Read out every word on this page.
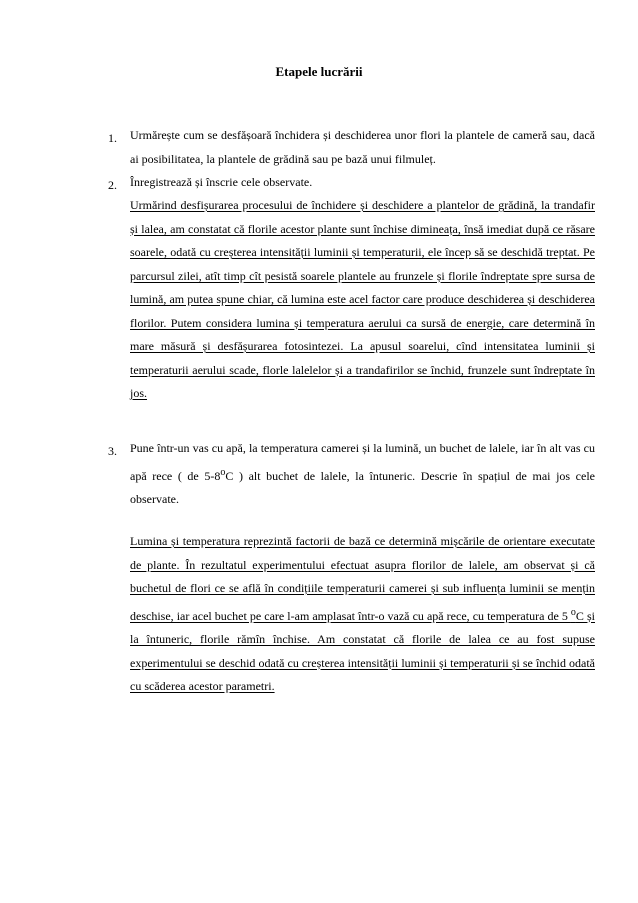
Etapele lucrării
1. Urmărește cum se desfășoară închidera și deschiderea unor flori la plantele de cameră sau, dacă ai posibilitatea, la plantele de grădină sau pe bază unui filmuleț.

2. Înregistrează și înscrie cele observate.

Urmărind desfișurarea procesului de închidere și deschidere a plantelor de grădină, la trandafir și lalea, am constatat că florile acestor plante sunt închise dimineața, însă imediat după ce răsare soarele, odată cu creșterea intensității luminii și temperaturii, ele încep să se deschidă treptat. Pe parcursul zilei, atît timp cît pesistă soarele plantele au frunzele și florile îndreptate spre sursa de lumină, am putea spune chiar, că lumina este acel factor care produce deschiderea și deschiderea florilor. Putem considera lumina și temperatura aerului ca sursă de energie, care determină în mare măsură și desfășurarea fotosintezei. La apusul soarelui, cînd intensitatea luminii și temperaturii aerului scade, florle lalelelor și a trandafirilor se închid, frunzele sunt îndreptate în jos.

3. Pune într-un vas cu apă, la temperatura camerei și la lumină, un buchet de lalele, iar în alt vas cu apă rece ( de 5-8$^o$C ) alt buchet de lalele, la întuneric. Descrie în spațiul de mai jos cele observate.

Lumina și temperatura reprezintă factorii de bază ce determină mișcările de orientare executate de plante. În rezultatul experimentului efectuat asupra florilor de lalele, am observat și că buchetul de flori ce se află în condițiile temperaturii camerei și sub influența luminii se mențin deschise, iar acel buchet pe care l-am amplasat într-o vază cu apă rece, cu temperatura de 5 $^o$C și la întuneric, florile rămîn închise. Am constatat că florile de lalea ce au fost supuse experimentului se deschid odată cu creșterea intensității luminii și temperaturii și se închid odată cu scăderea acestor parametri.
